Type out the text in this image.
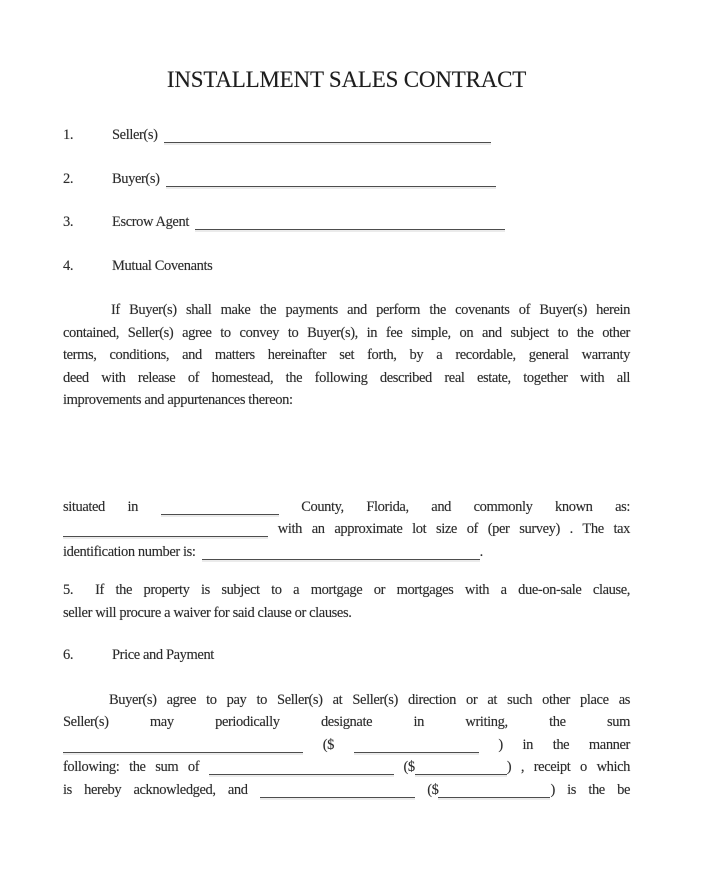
INSTALLMENT SALES CONTRACT
1.	Seller(s)
2.	Buyer(s)
3.	Escrow Agent
4.	Mutual Covenants
If Buyer(s) shall make the payments and perform the covenants of Buyer(s) herein
contained, Seller(s) agree to convey to Buyer(s), in fee simple, on and subject to the other
terms, conditions, and matters hereinafter set forth, by a recordable, general warranty
deed with release of homestead, the following described real estate, together with all
improvements and appurtenances thereon:
situated in	County, Florida, and commonly known as:
with an approximate lot size of (per survey) . The tax
identification number is:	.
5. If the property is subject to a mortgage or mortgages with a due-on-sale clause,
seller will procure a waiver for said clause or clauses.
6.	Price and Payment
Buyer(s) agree to pay to Seller(s) at Seller(s) direction or at such other place as
Seller(s) may periodically designate in writing, the sum
($	) in the manner
following: the sum of	($	) , receipt o which
is hereby acknowledged, and	($	) is the be
